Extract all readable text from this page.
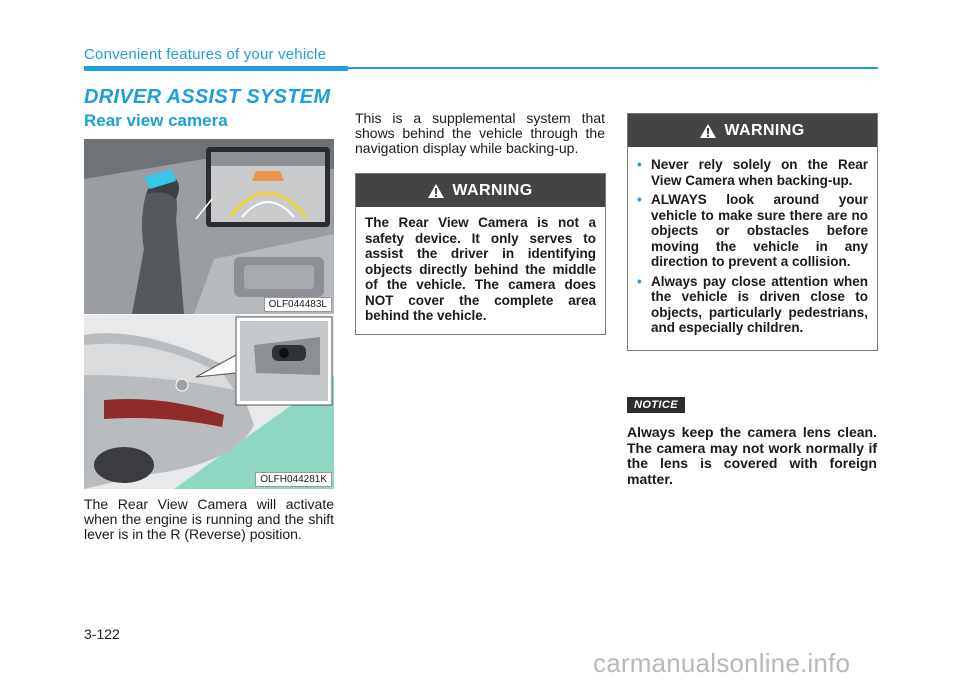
Convenient features of your vehicle
DRIVER ASSIST SYSTEM
Rear view camera
OLF044483L
OLFH044281K
The Rear View Camera will activate when the engine is running and the shift lever is in the R (Reverse) position.
This is a supplemental system that shows behind the vehicle through the navigation display while backing-up.
WARNING
The Rear View Camera is not a safety device. It only serves to assist the driver in identifying objects directly behind the middle of the vehicle. The camera does NOT cover the complete area behind the vehicle.
WARNING
• Never rely solely on the Rear View Camera when backing-up.
• ALWAYS look around your vehicle to make sure there are no objects or obstacles before moving the vehicle in any direction to prevent a collision.
• Always pay close attention when the vehicle is driven close to objects, particularly pedestrians, and especially children.
NOTICE
Always keep the camera lens clean. The camera may not work normally if the lens is covered with foreign matter.
3-122
carmanualsonline.info
